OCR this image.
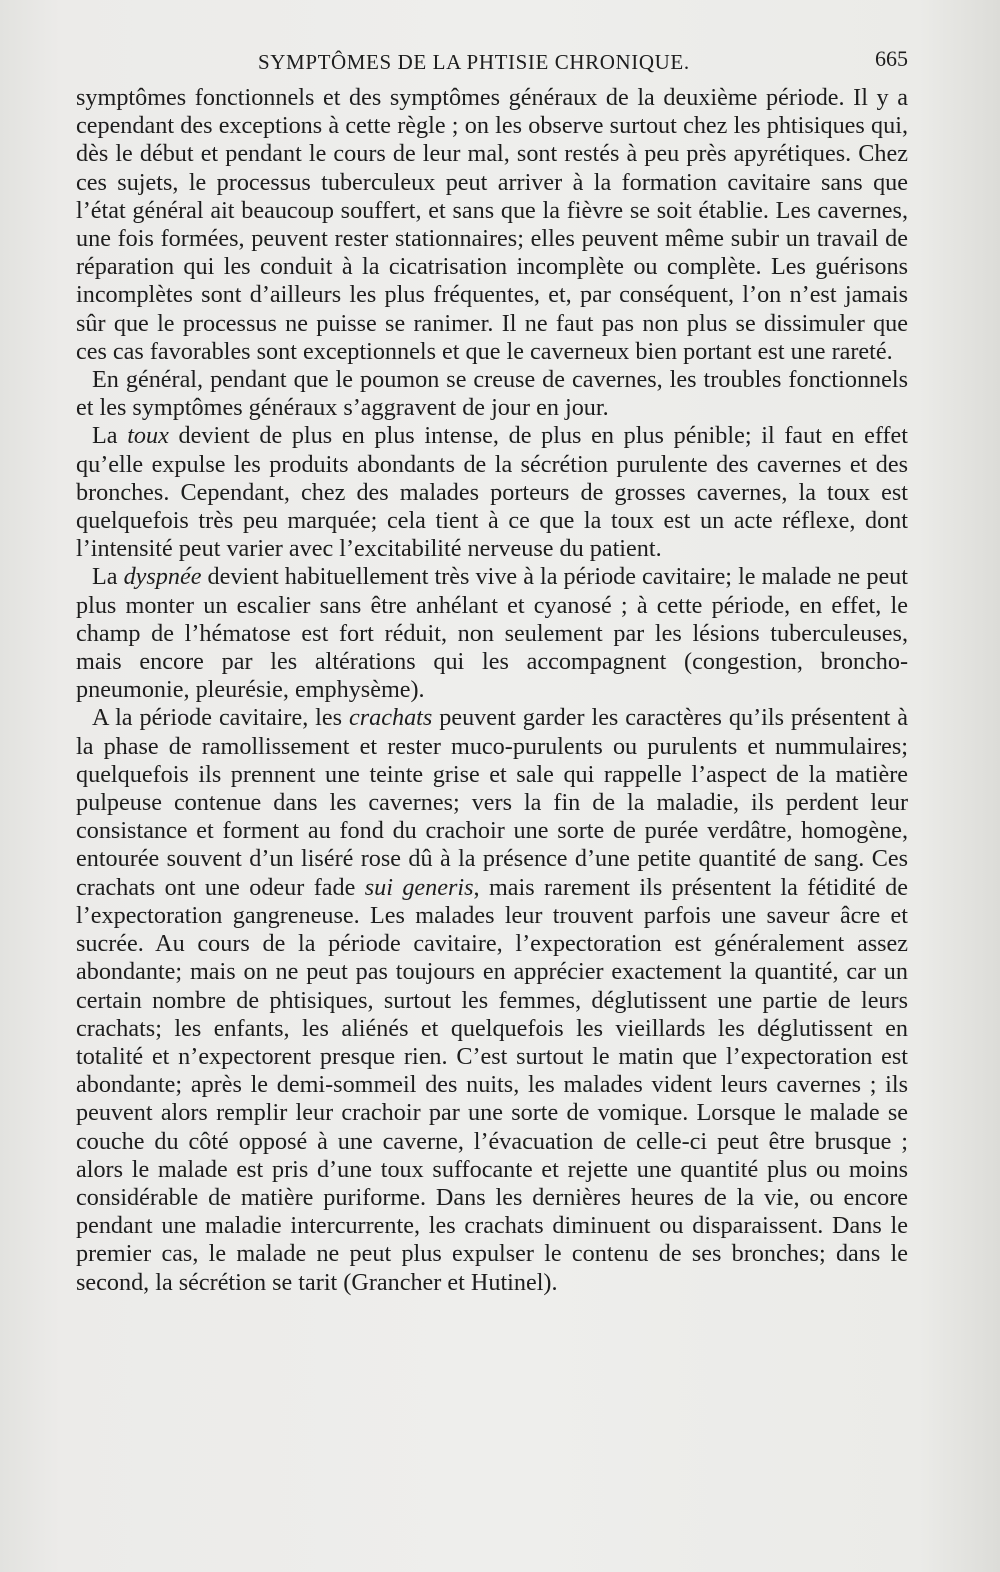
SYMPTÔMES DE LA PHTISIE CHRONIQUE.	665

symptômes fonctionnels et des symptômes généraux de la deuxième période. Il y a cependant des exceptions à cette règle ; on les observe surtout chez les phtisiques qui, dès le début et pendant le cours de leur mal, sont restés à peu près apyrétiques. Chez ces sujets, le processus tuberculeux peut arriver à la formation cavitaire sans que l’état général ait beaucoup souffert, et sans que la fièvre se soit établie. Les cavernes, une fois formées, peuvent rester stationnaires; elles peuvent même subir un travail de réparation qui les conduit à la cicatrisation incomplète ou complète. Les guérisons incomplètes sont d’ailleurs les plus fréquentes, et, par conséquent, l’on n’est jamais sûr que le processus ne puisse se ranimer. Il ne faut pas non plus se dissimuler que ces cas favorables sont exceptionnels et que le caverneux bien portant est une rareté.

En général, pendant que le poumon se creuse de cavernes, les troubles fonctionnels et les symptômes généraux s’aggravent de jour en jour.

La toux devient de plus en plus intense, de plus en plus pénible; il faut en effet qu’elle expulse les produits abondants de la sécrétion purulente des cavernes et des bronches. Cependant, chez des malades porteurs de grosses cavernes, la toux est quelquefois très peu marquée; cela tient à ce que la toux est un acte réflexe, dont l’intensité peut varier avec l’excitabilité nerveuse du patient.

La dyspnée devient habituellement très vive à la période cavitaire; le malade ne peut plus monter un escalier sans être anhélant et cyanosé ; à cette période, en effet, le champ de l’hématose est fort réduit, non seulement par les lésions tuberculeuses, mais encore par les altérations qui les accompagnent (congestion, broncho-pneumonie, pleurésie, emphysème).

A la période cavitaire, les crachats peuvent garder les caractères qu’ils présentent à la phase de ramollissement et rester muco-purulents ou purulents et nummulaires; quelquefois ils prennent une teinte grise et sale qui rappelle l’aspect de la matière pulpeuse contenue dans les cavernes; vers la fin de la maladie, ils perdent leur consistance et forment au fond du crachoir une sorte de purée verdâtre, homogène, entourée souvent d’un liséré rose dû à la présence d’une petite quantité de sang. Ces crachats ont une odeur fade sui generis, mais rarement ils présentent la fétidité de l’expectoration gangreneuse. Les malades leur trouvent parfois une saveur âcre et sucrée. Au cours de la période cavitaire, l’expectoration est généralement assez abondante; mais on ne peut pas toujours en apprécier exactement la quantité, car un certain nombre de phtisiques, surtout les femmes, déglutissent une partie de leurs crachats; les enfants, les aliénés et quelquefois les vieillards les déglutissent en totalité et n’expectorent presque rien. C’est surtout le matin que l’expectoration est abondante; après le demi-sommeil des nuits, les malades vident leurs cavernes ; ils peuvent alors remplir leur crachoir par une sorte de vomique. Lorsque le malade se couche du côté opposé à une caverne, l’évacuation de celle-ci peut être brusque ; alors le malade est pris d’une toux suffocante et rejette une quantité plus ou moins considérable de matière puriforme. Dans les dernières heures de la vie, ou encore pendant une maladie intercurrente, les crachats diminuent ou disparaissent. Dans le premier cas, le malade ne peut plus expulser le contenu de ses bronches; dans le second, la sécrétion se tarit (Grancher et Hutinel).
